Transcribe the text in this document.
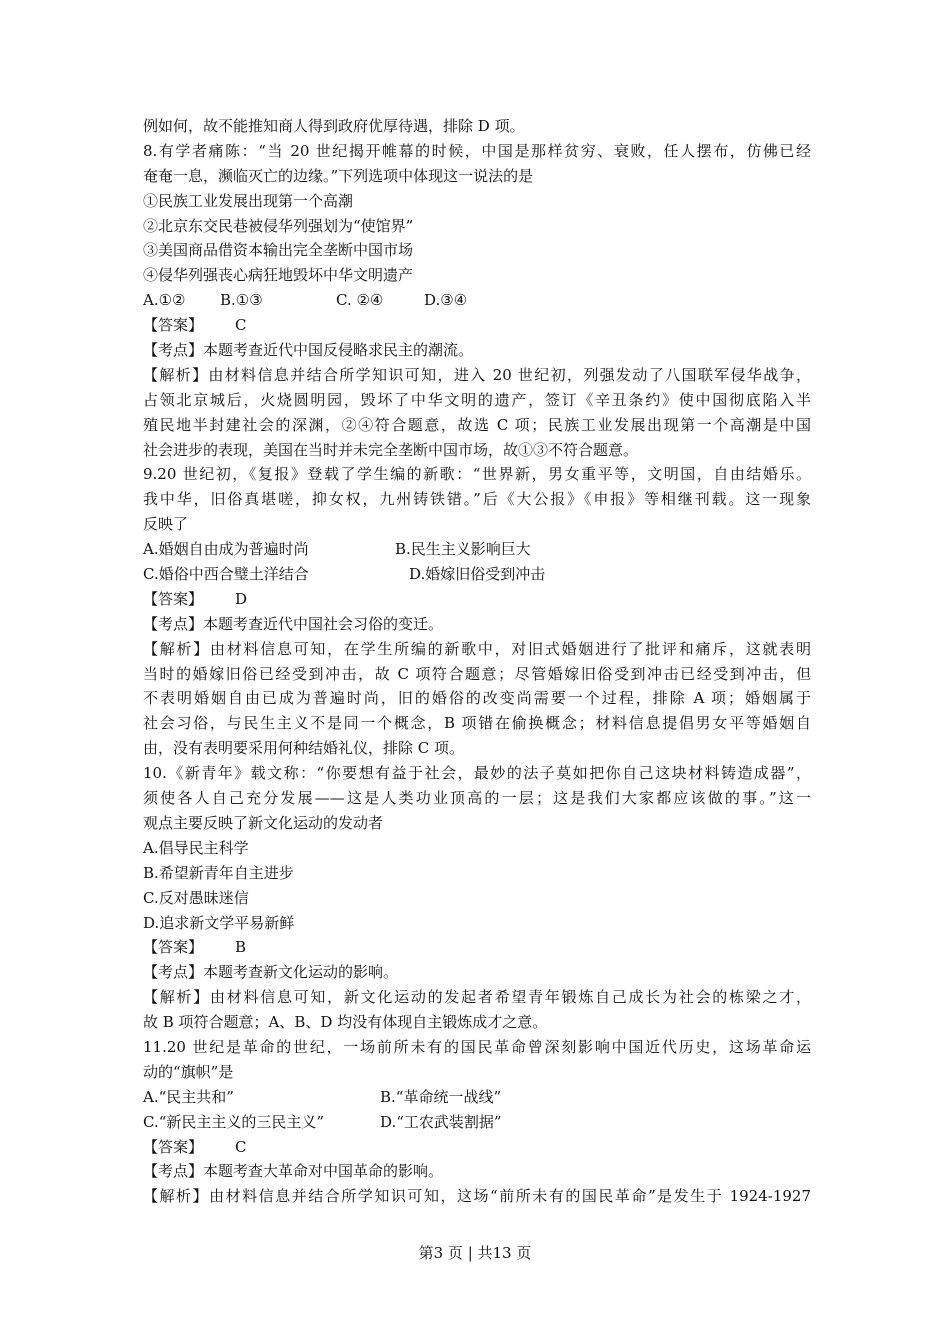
例如何，故不能推知商人得到政府优厚待遇，排除 D 项。
8.有学者痛陈：“当 20 世纪揭开帷幕的时候，中国是那样贫穷、衰败，任人摆布，仿佛已经
奄奄一息，濒临灭亡的边缘。”下列选项中体现这一说法的是
①民族工业发展出现第一个高潮
②北京东交民巷被侵华列强划为“使馆界”
③美国商品借资本输出完全垄断中国市场
④侵华列强丧心病狂地毁坏中华文明遗产
A.①② B.①③	C. ②④	D.③④
【答案】 C
【考点】本题考查近代中国反侵略求民主的潮流。
【解析】由材料信息并结合所学知识可知，进入 20 世纪初，列强发动了八国联军侵华战争，
占领北京城后，火烧圆明园，毁坏了中华文明的遗产，签订《辛丑条约》使中国彻底陷入半
殖民地半封建社会的深渊，②④符合题意，故选 C 项；民族工业发展出现第一个高潮是中国
社会进步的表现，美国在当时并未完全垄断中国市场，故①③不符合题意。
9.20 世纪初，《复报》登载了学生编的新歌：“世界新，男女重平等，文明国，自由结婚乐。
我中华，旧俗真堪嗟，抑女权，九州铸铁错。”后《大公报》《申报》等相继刊载。这一现象
反映了
A.婚姻自由成为普遍时尚	B.民生主义影响巨大
C.婚俗中西合璧土洋结合	D.婚嫁旧俗受到冲击
【答案】 D
【考点】本题考查近代中国社会习俗的变迁。
【解析】由材料信息可知，在学生所编的新歌中，对旧式婚姻进行了批评和痛斥，这就表明
当时的婚嫁旧俗已经受到冲击，故 C 项符合题意；尽管婚嫁旧俗受到冲击已经受到冲击，但
不表明婚姻自由已成为普遍时尚，旧的婚俗的改变尚需要一个过程，排除 A 项；婚姻属于
社会习俗，与民生主义不是同一个概念，B 项错在偷换概念；材料信息提倡男女平等婚姻自
由，没有表明要采用何种结婚礼仪，排除 C 项。
10.《新青年》载文称：“你要想有益于社会，最妙的法子莫如把你自己这块材料铸造成器”，
须使各人自己充分发展——这是人类功业顶高的一层；这是我们大家都应该做的事。”这一
观点主要反映了新文化运动的发动者
A.倡导民主科学
B.希望新青年自主进步
C.反对愚昧迷信
D.追求新文学平易新鲜
【答案】 B
【考点】本题考查新文化运动的影响。
【解析】由材料信息可知，新文化运动的发起者希望青年锻炼自己成长为社会的栋梁之才，
故 B 项符合题意；A、B、D 均没有体现自主锻炼成才之意。
11.20 世纪是革命的世纪，一场前所未有的国民革命曾深刻影响中国近代历史，这场革命运
动的“旗帜”是
A.“民主共和”	B.“革命统一战线”
C.“新民主主义的三民主义”	D.“工农武装割据”
【答案】 C
【考点】本题考查大革命对中国革命的影响。
【解析】由材料信息并结合所学知识可知，这场“前所未有的国民革命”是发生于 1924-1927
第3 页 | 共13 页
